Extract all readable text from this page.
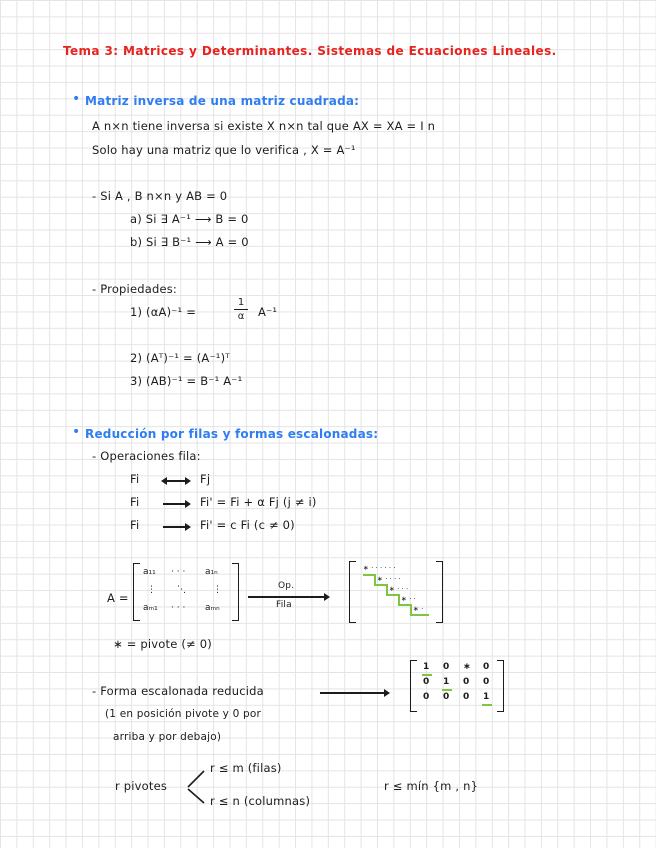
Tema 3: Matrices y Determinantes. Sistemas de Ecuaciones Lineales.
• Matriz inversa de una matriz cuadrada:
A n×n tiene inversa si existe X n×n tal que AX = XA = I n
Solo hay una matriz que lo verifica , X = A⁻¹
- Si A , B n×n y AB = 0
a) Si ∃ A⁻¹ ⟶ B = 0
b) Si ∃ B⁻¹ ⟶ A = 0
- Propiedades:
1) (αA)⁻¹ =
1
α	A⁻¹
2) (Aᵀ)⁻¹ = (A⁻¹)ᵀ
3) (AB)⁻¹ = B⁻¹ A⁻¹
• Reducción por filas y formas escalonadas:
- Operaciones fila:
Fi	Fj
Fi	Fi' = Fi + α Fj (j ≠ i)
Fi	Fi' = c Fi (c ≠ 0)
A =
a₁₁ · · · a₁ₙ
⋮ ⋱	⋮
aₘ₁ · · · aₘₙ
Op.
Fila
∗ · · · · · ·
∗ · · · ·
∗ · · ·
∗ · ·
∗ ·
∗ = pivote (≠ 0)
- Forma escalonada reducida
(1 en posición pivote y 0 por
arriba y por debajo)
1 0 ∗ 0
0 1 0 0
0 0 0 1
r pivotes
r ≤ m (filas)
r ≤ n (columnas)
r ≤ mín {m , n}
